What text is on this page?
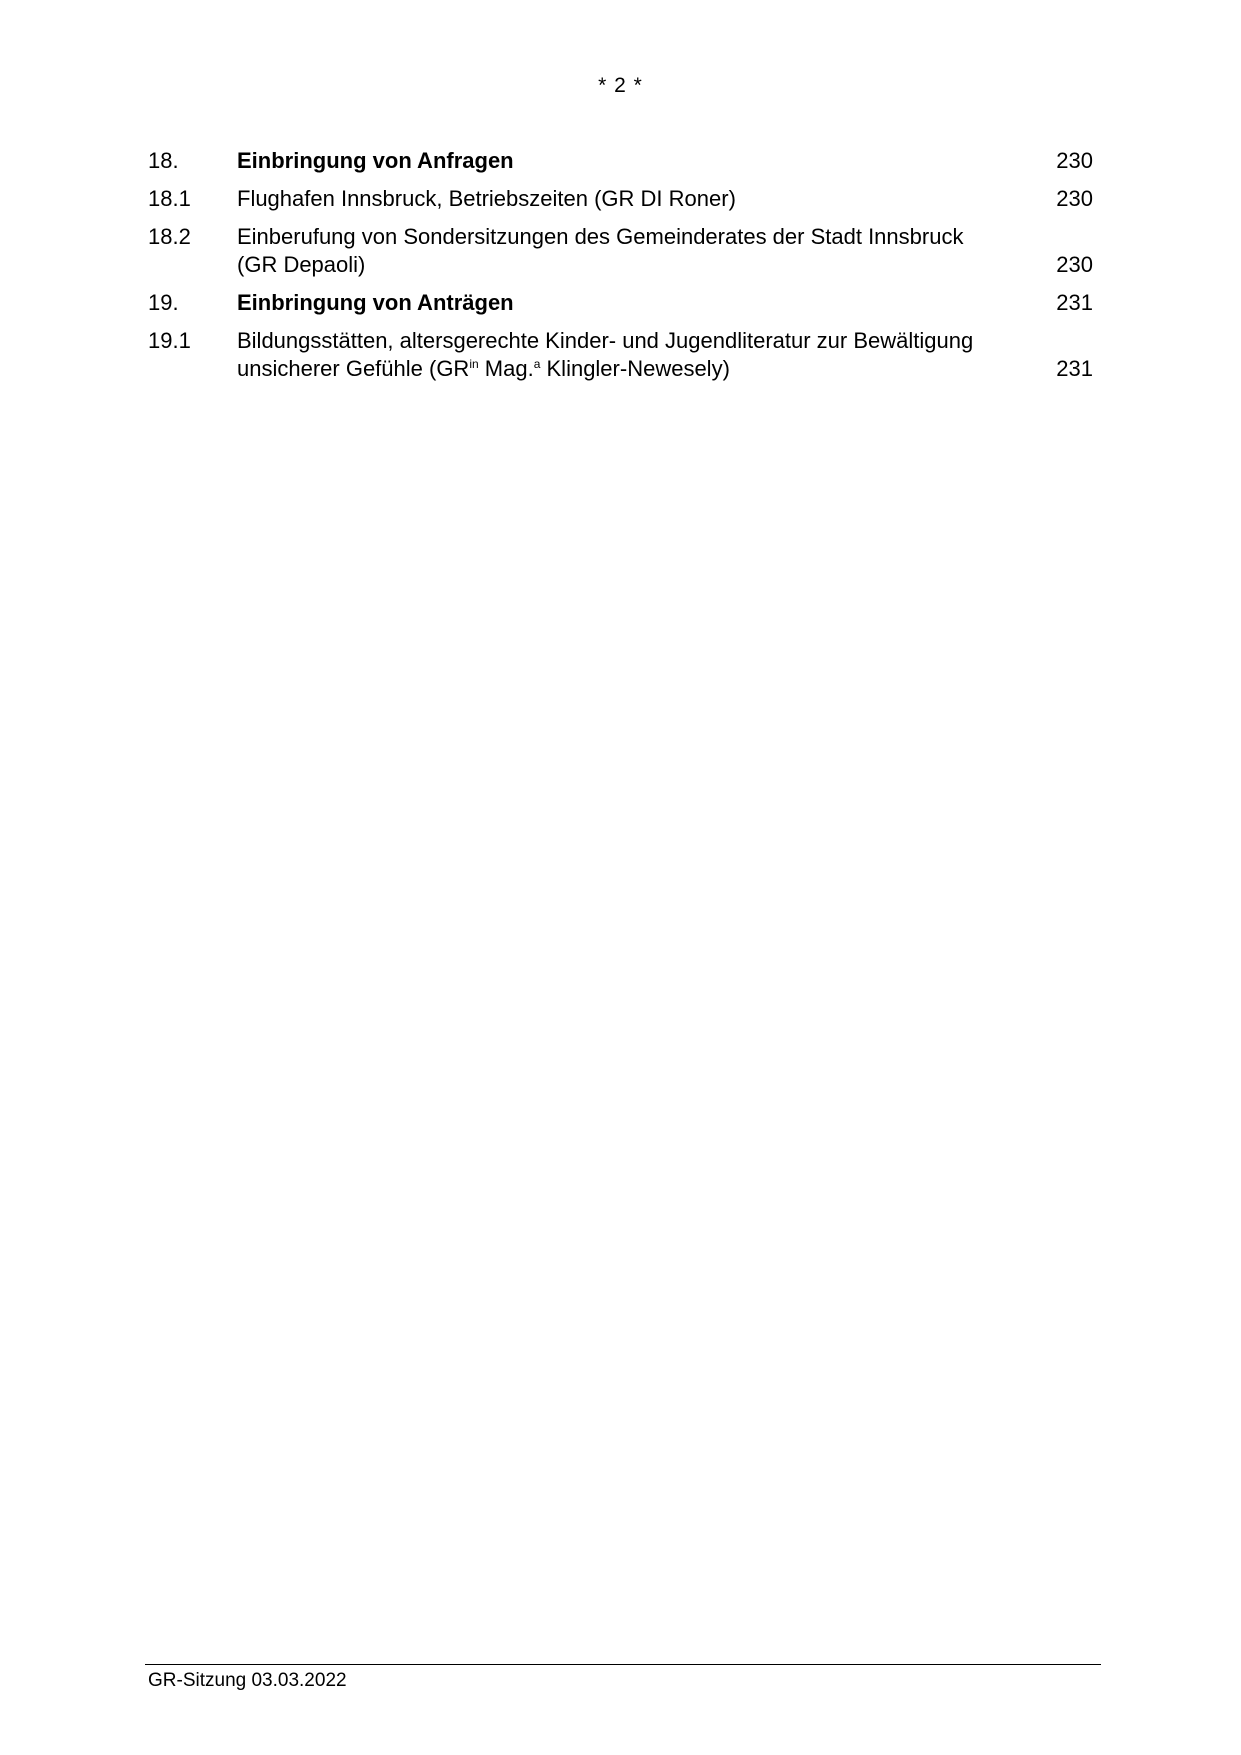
* 2 *
18.	Einbringung von Anfragen	230
18.1	Flughafen Innsbruck, Betriebszeiten (GR DI Roner)	230
18.2	Einberufung von Sondersitzungen des Gemeinderates der Stadt Innsbruck
(GR Depaoli)	230
19.	Einbringung von Anträgen	231
19.1	Bildungsstätten, altersgerechte Kinder- und Jugendliteratur zur Bewältigung
unsicherer Gefühle ($GR^{in}$ Mag.$^a$ Klingler-Newesely)	231
GR-Sitzung 03.03.2022
